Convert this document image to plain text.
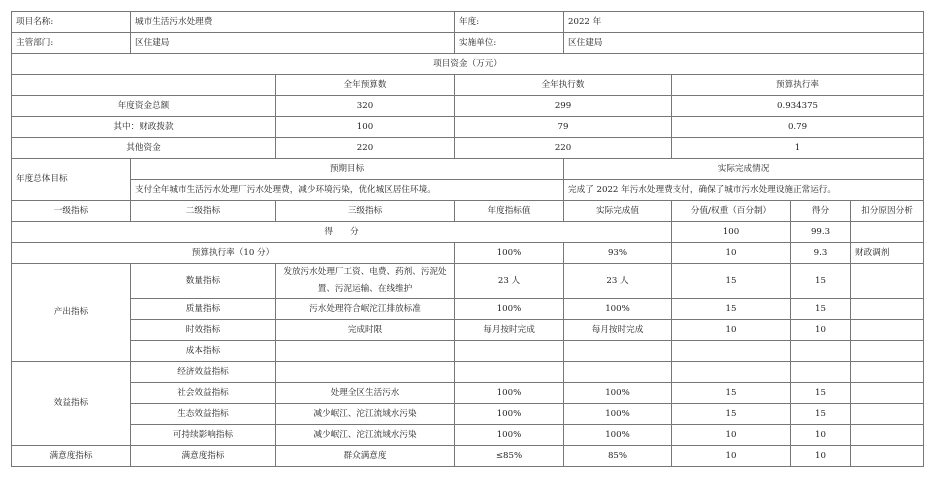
项目名称:	城市生活污水处理费		年度:	2022 年			
主管部门:	区住建局		实施单位:	区住建局			
项目资金（万元）							
		全年预算数	全年执行数		预算执行率		
年度资金总额		320	299		0.934375		
其中：财政拨款		100	79		0.79		
其他资金		220	220		1		
年度总体目标	预期目标			实际完成情况			
	支付全年城市生活污水处理厂污水处理费，减少环境污染，优化城区居住环境。			完成了 2022 年污水处理费支付，确保了城市污水处理设施正常运行。			
一级指标	二级指标	三级指标	年度指标值	实际完成值	分值/权重（百分制）	得分	扣分原因分析
得　　分					100	99.3	
预算执行率（10 分）			100%	93%	10	9.3	财政调剂
产出指标	数量指标	发放污水处理厂工资、电费、药剂、污泥处置、污泥运输、在线维护	23 人	23 人	15	15	
	质量指标	污水处理符合岷沱江排放标准	100%	100%	15	15	
	时效指标	完成时限	每月按时完成	每月按时完成	10	10	
	成本指标						
效益指标	经济效益指标						
	社会效益指标	处理全区生活污水	100%	100%	15	15	
	生态效益指标	减少岷江、沱江流域水污染	100%	100%	15	15	
	可持续影响指标	减少岷江、沱江流域水污染	100%	100%	10	10	
满意度指标	满意度指标	群众满意度	≤85%	85%	10	10	
